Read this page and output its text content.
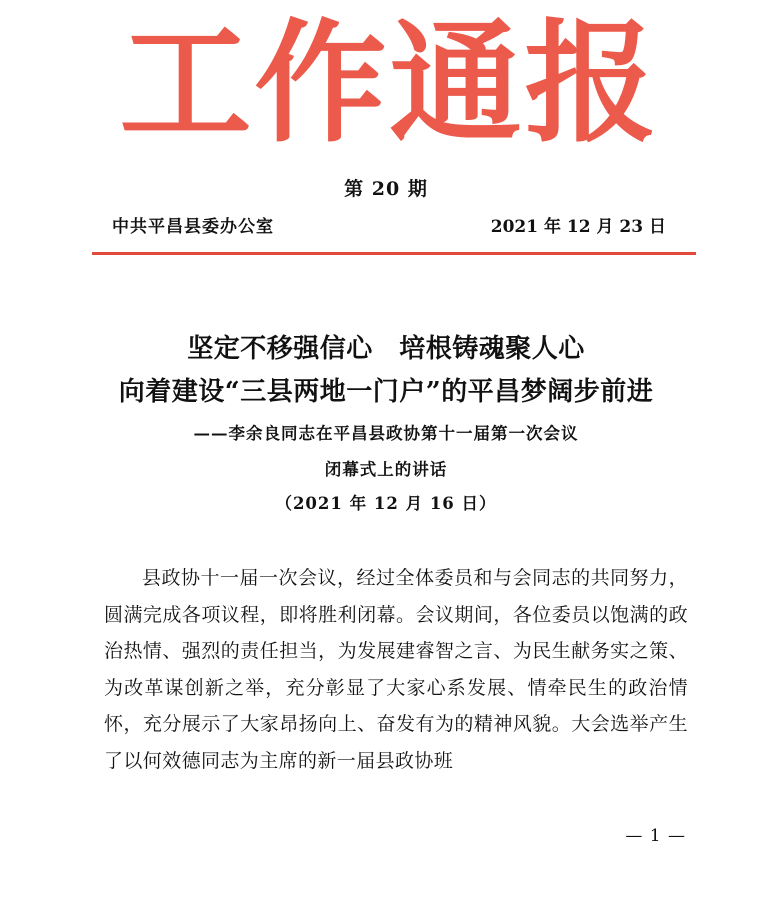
工 作 通 报
第 20 期
中共平昌县委办公室	2021 年 12 月 23 日
坚定不移强信心　培根铸魂聚人心
向着建设“三县两地一门户”的平昌梦阔步前进
——李余良同志在平昌县政协第十一届第一次会议
闭幕式上的讲话
（2021 年 12 月 16 日）

县政协十一届一次会议，经过全体委员和与会同志的共同努力，圆满完成各项议程，即将胜利闭幕。会议期间，各位委员以饱满的政治热情、强烈的责任担当，为发展建睿智之言、为民生献务实之策、为改革谋创新之举，充分彰显了大家心系发展、情牵民生的政治情怀，充分展示了大家昂扬向上、奋发有为的精神风貌。大会选举产生了以何效德同志为主席的新一届县政协班

— 1 —
